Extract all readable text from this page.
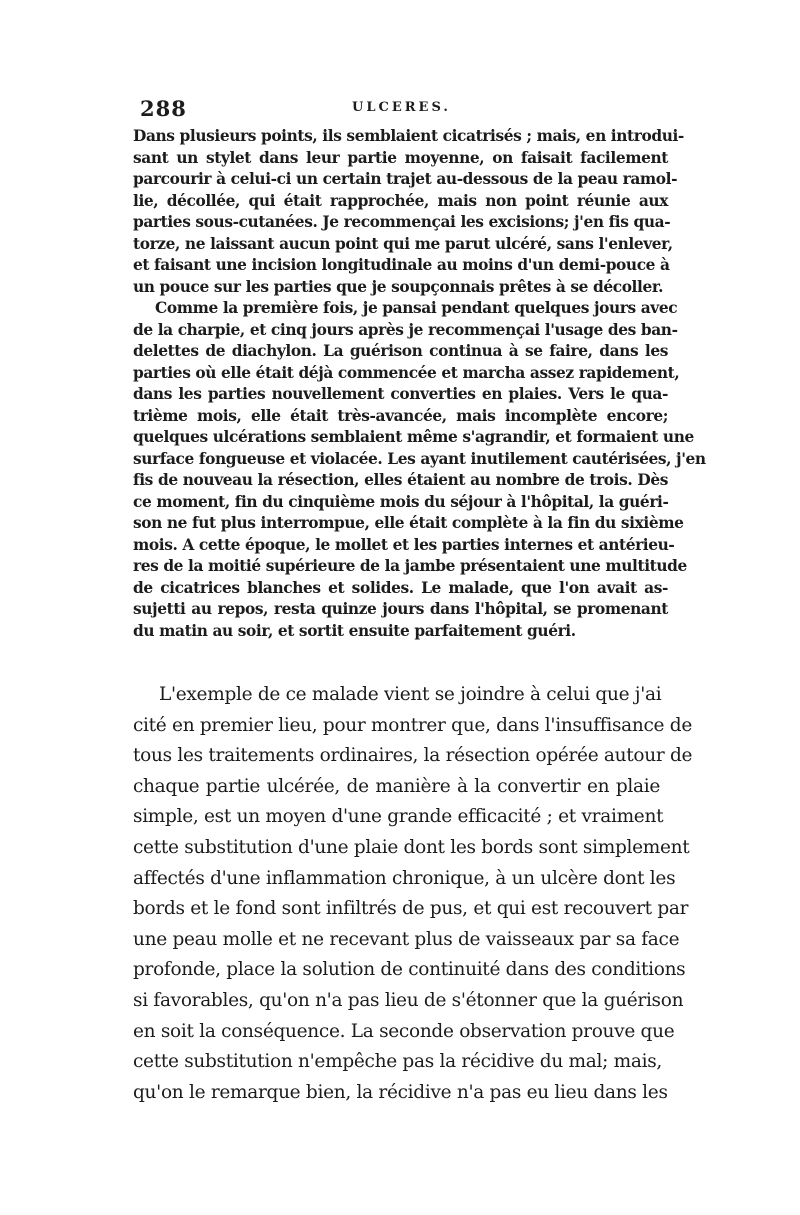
288	ULCERES.
Dans plusieurs points, ils semblaient cicatrisés ; mais, en introdui-
sant un stylet dans leur partie moyenne, on faisait facilement
parcourir à celui-ci un certain trajet au-dessous de la peau ramol-
lie, décollée, qui était rapprochée, mais non point réunie aux
parties sous-cutanées. Je recommençai les excisions; j'en fis qua-
torze, ne laissant aucun point qui me parut ulcéré, sans l'enlever,
et faisant une incision longitudinale au moins d'un demi-pouce à
un pouce sur les parties que je soupçonnais prêtes à se décoller.
Comme la première fois, je pansai pendant quelques jours avec
de la charpie, et cinq jours après je recommençai l'usage des ban-
delettes de diachylon. La guérison continua à se faire, dans les
parties où elle était déjà commencée et marcha assez rapidement,
dans les parties nouvellement converties en plaies. Vers le qua-
trième mois, elle était très-avancée, mais incomplète encore;
quelques ulcérations semblaient même s'agrandir, et formaient une
surface fongueuse et violacée. Les ayant inutilement cautérisées, j'en
fis de nouveau la résection, elles étaient au nombre de trois. Dès
ce moment, fin du cinquième mois du séjour à l'hôpital, la guéri-
son ne fut plus interrompue, elle était complète à la fin du sixième
mois. A cette époque, le mollet et les parties internes et antérieu-
res de la moitié supérieure de la jambe présentaient une multitude
de cicatrices blanches et solides. Le malade, que l'on avait as-
sujetti au repos, resta quinze jours dans l'hôpital, se promenant
du matin au soir, et sortit ensuite parfaitement guéri.
L'exemple de ce malade vient se joindre à celui que j'ai
cité en premier lieu, pour montrer que, dans l'insuffisance de
tous les traitements ordinaires, la résection opérée autour de
chaque partie ulcérée, de manière à la convertir en plaie
simple, est un moyen d'une grande efficacité ; et vraiment
cette substitution d'une plaie dont les bords sont simplement
affectés d'une inflammation chronique, à un ulcère dont les
bords et le fond sont infiltrés de pus, et qui est recouvert par
une peau molle et ne recevant plus de vaisseaux par sa face
profonde, place la solution de continuité dans des conditions
si favorables, qu'on n'a pas lieu de s'étonner que la guérison
en soit la conséquence. La seconde observation prouve que
cette substitution n'empêche pas la récidive du mal; mais,
qu'on le remarque bien, la récidive n'a pas eu lieu dans les
